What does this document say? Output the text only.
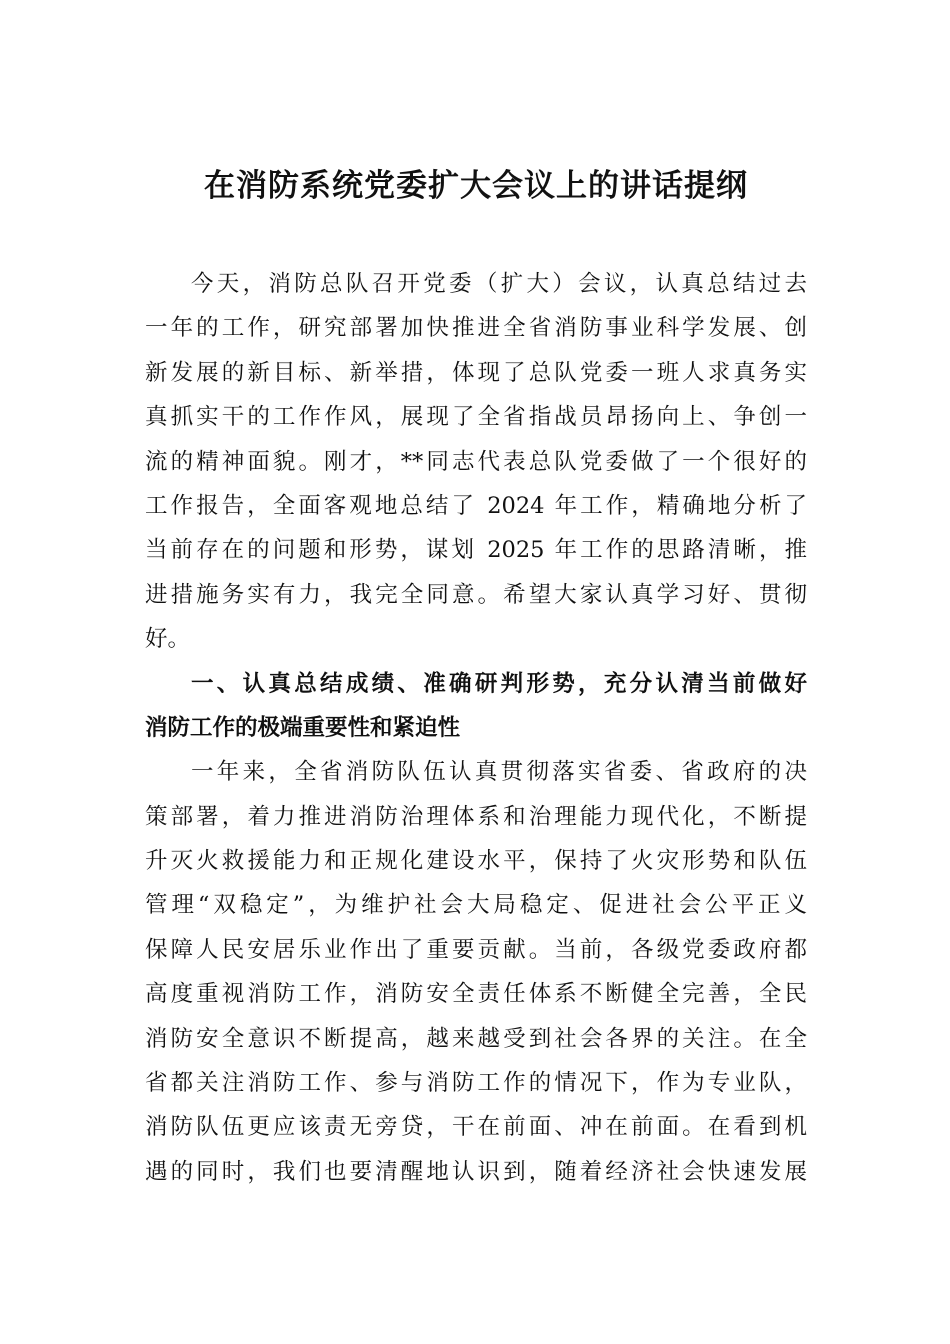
在消防系统党委扩大会议上的讲话提纲
今天，消防总队召开党委（扩大）会议，认真总结过去
一年的工作，研究部署加快推进全省消防事业科学发展、创
新发展的新目标、新举措，体现了总队党委一班人求真务实
真抓实干的工作作风，展现了全省指战员昂扬向上、争创一
流的精神面貌。刚才，**同志代表总队党委做了一个很好的
工作报告，全面客观地总结了 2024 年工作，精确地分析了
当前存在的问题和形势，谋划 2025 年工作的思路清晰，推
进措施务实有力，我完全同意。希望大家认真学习好、贯彻
好。
一、认真总结成绩、准确研判形势，充分认清当前做好
消防工作的极端重要性和紧迫性
一年来，全省消防队伍认真贯彻落实省委、省政府的决
策部署，着力推进消防治理体系和治理能力现代化，不断提
升灭火救援能力和正规化建设水平，保持了火灾形势和队伍
管理“双稳定”，为维护社会大局稳定、促进社会公平正义
保障人民安居乐业作出了重要贡献。当前，各级党委政府都
高度重视消防工作，消防安全责任体系不断健全完善，全民
消防安全意识不断提高，越来越受到社会各界的关注。在全
省都关注消防工作、参与消防工作的情况下，作为专业队，
消防队伍更应该责无旁贷，干在前面、冲在前面。在看到机
遇的同时，我们也要清醒地认识到，随着经济社会快速发展
